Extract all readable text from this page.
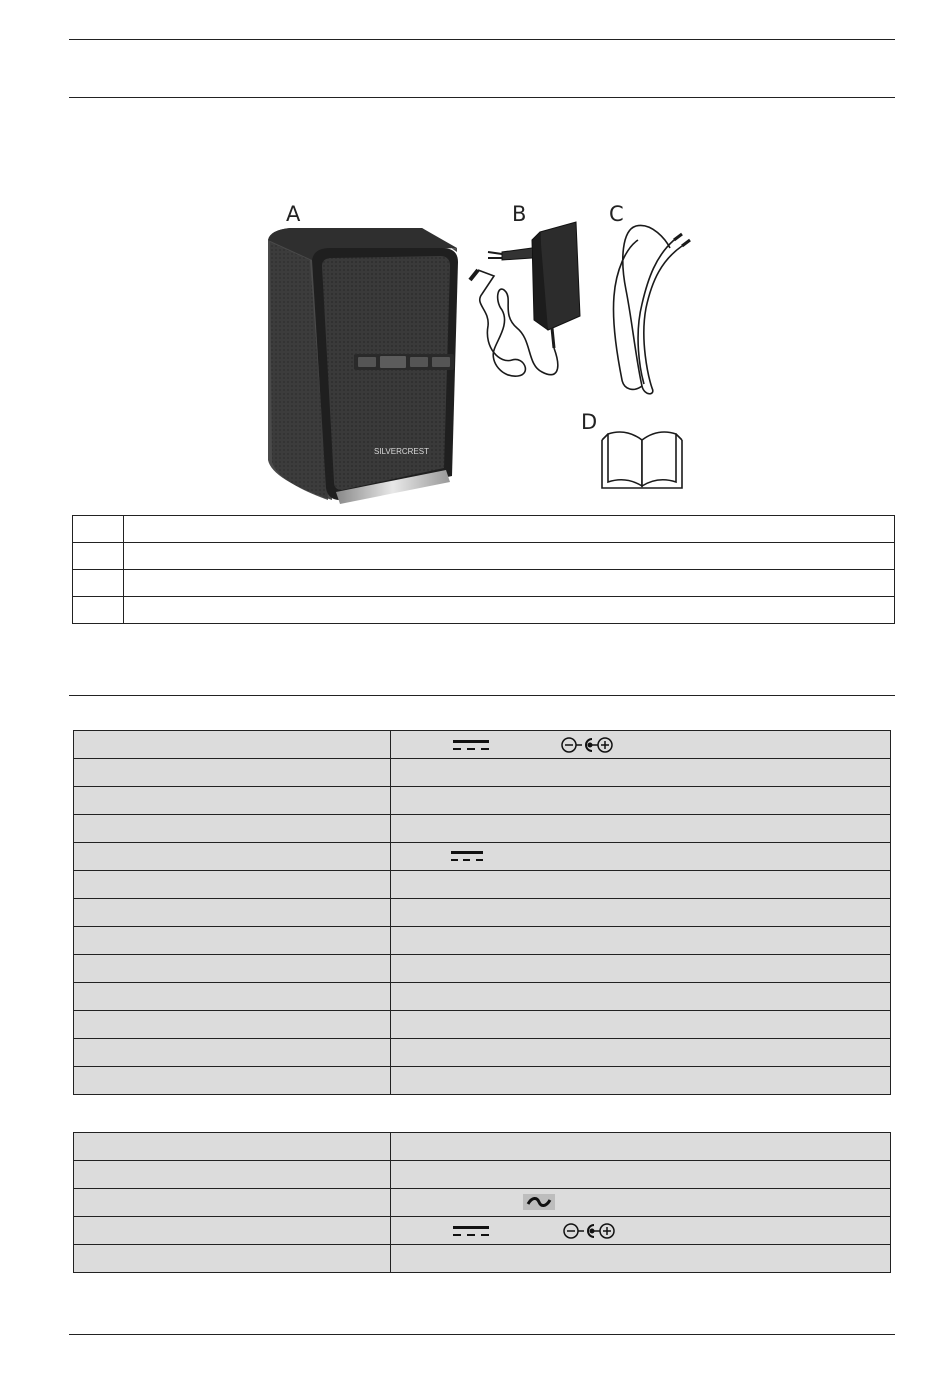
A	B	C
D
SILVERCREST
